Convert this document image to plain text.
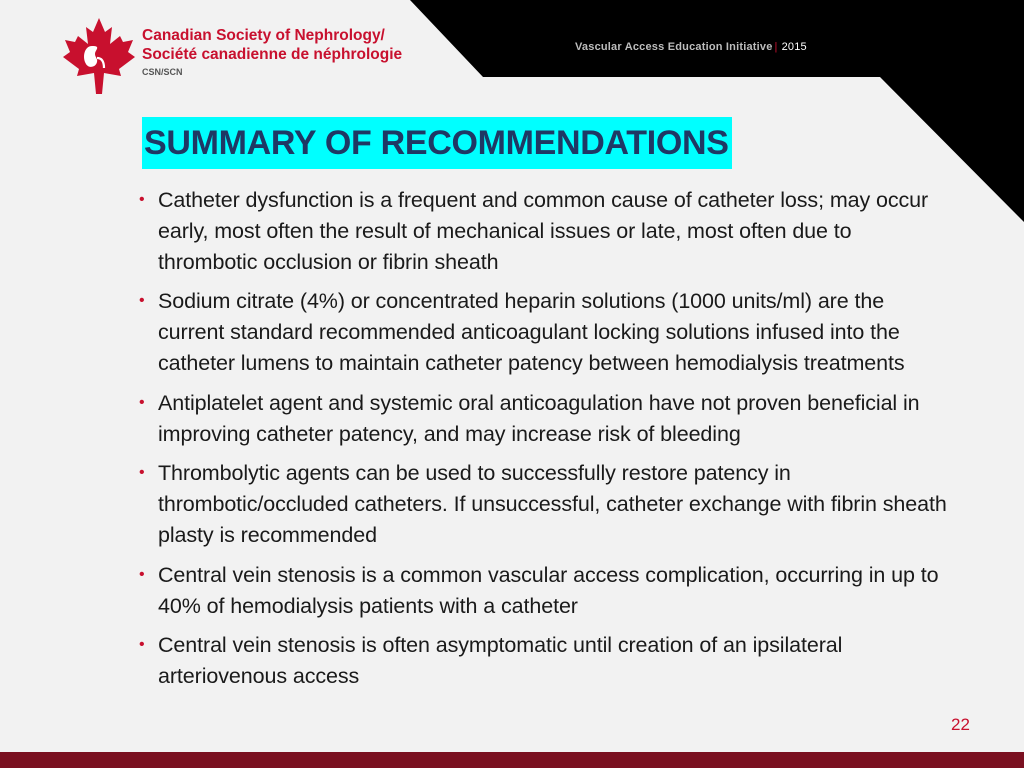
Canadian Society of Nephrology/
Société canadienne de néphrologie
CSN/SCN
Vascular Access Education Initiative | 2015
SUMMARY OF RECOMMENDATIONS
• Catheter dysfunction is a frequent and common cause of catheter loss; may occur early, most often the result of mechanical issues or late, most often due to thrombotic occlusion or fibrin sheath
• Sodium citrate (4%) or concentrated heparin solutions (1000 units/ml) are the current standard recommended anticoagulant locking solutions infused into the catheter lumens to maintain catheter patency between hemodialysis treatments
• Antiplatelet agent and systemic oral anticoagulation have not proven beneficial in improving catheter patency, and may increase risk of bleeding
• Thrombolytic agents can be used to successfully restore patency in thrombotic/occluded catheters. If unsuccessful, catheter exchange with fibrin sheath plasty is recommended
• Central vein stenosis is a common vascular access complication, occurring in up to 40% of hemodialysis patients with a catheter
• Central vein stenosis is often asymptomatic until creation of an ipsilateral arteriovenous access
22
